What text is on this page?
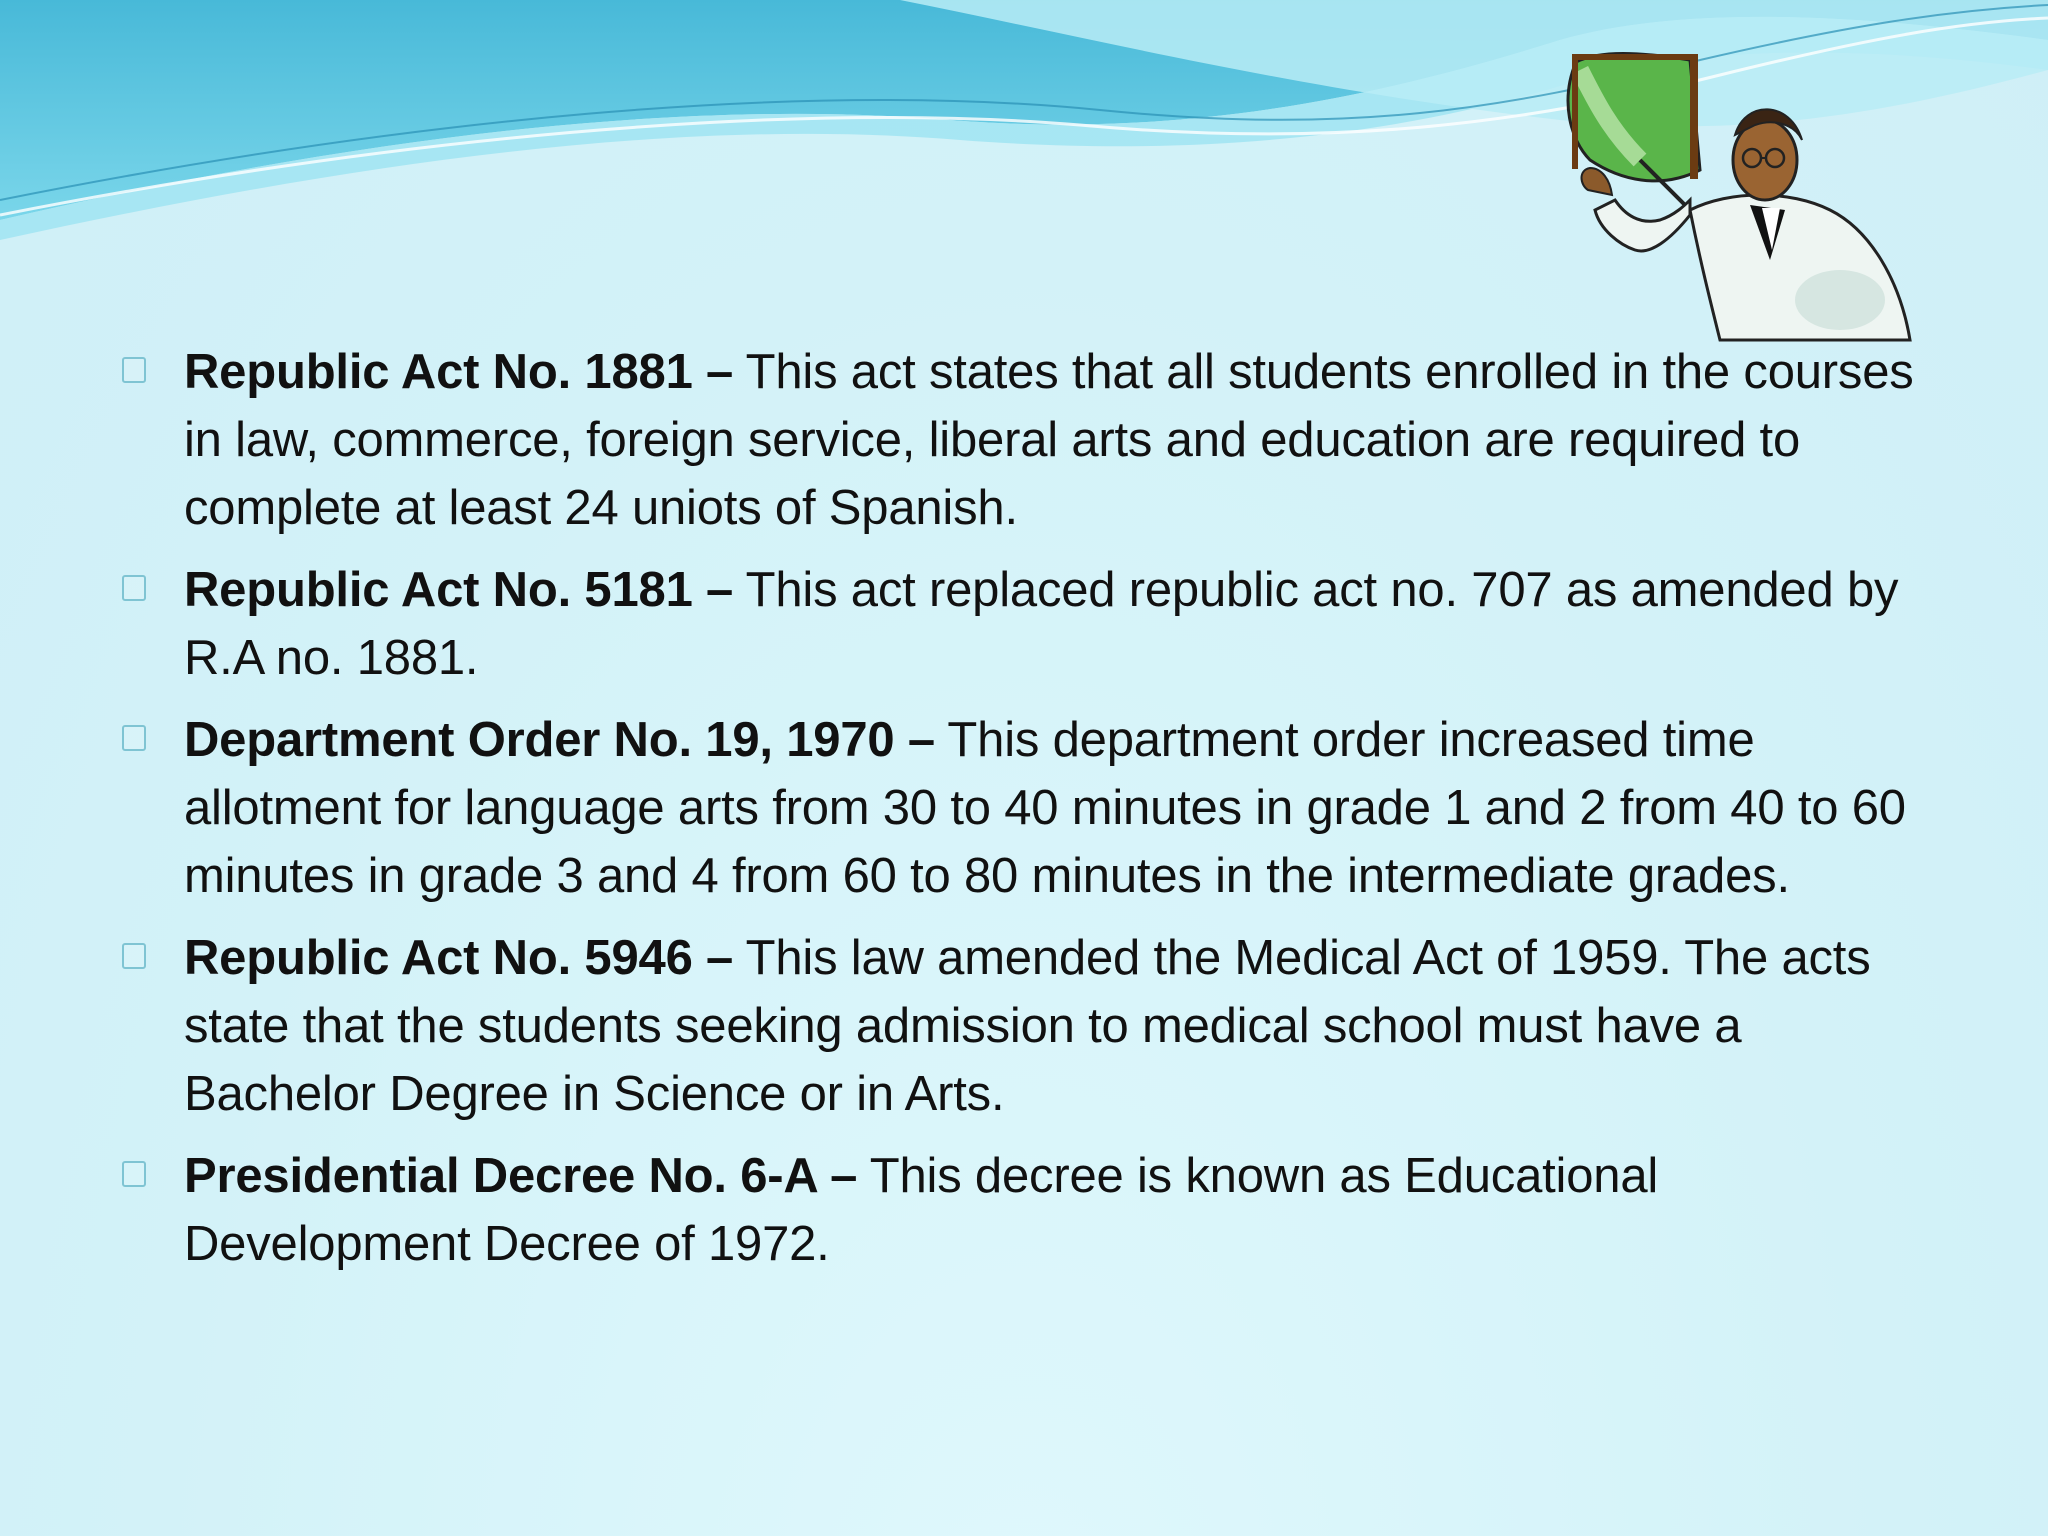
Republic Act No. 1881 – This act states that all students enrolled in the courses in law, commerce, foreign service, liberal arts and education are required to complete at least 24 uniots of Spanish.
Republic Act No. 5181 – This act replaced republic act no. 707 as amended by R.A no. 1881.
Department Order No. 19, 1970 – This department order increased time allotment for language arts from 30 to 40 minutes in grade 1 and 2 from 40 to 60 minutes in grade 3 and 4 from 60 to 80 minutes in the intermediate grades.
Republic Act No. 5946 – This law amended the Medical Act of 1959. The acts state that the students seeking admission to medical school must have a Bachelor Degree in Science or in Arts.
Presidential Decree No. 6-A – This decree is known as Educational Development Decree of 1972.
